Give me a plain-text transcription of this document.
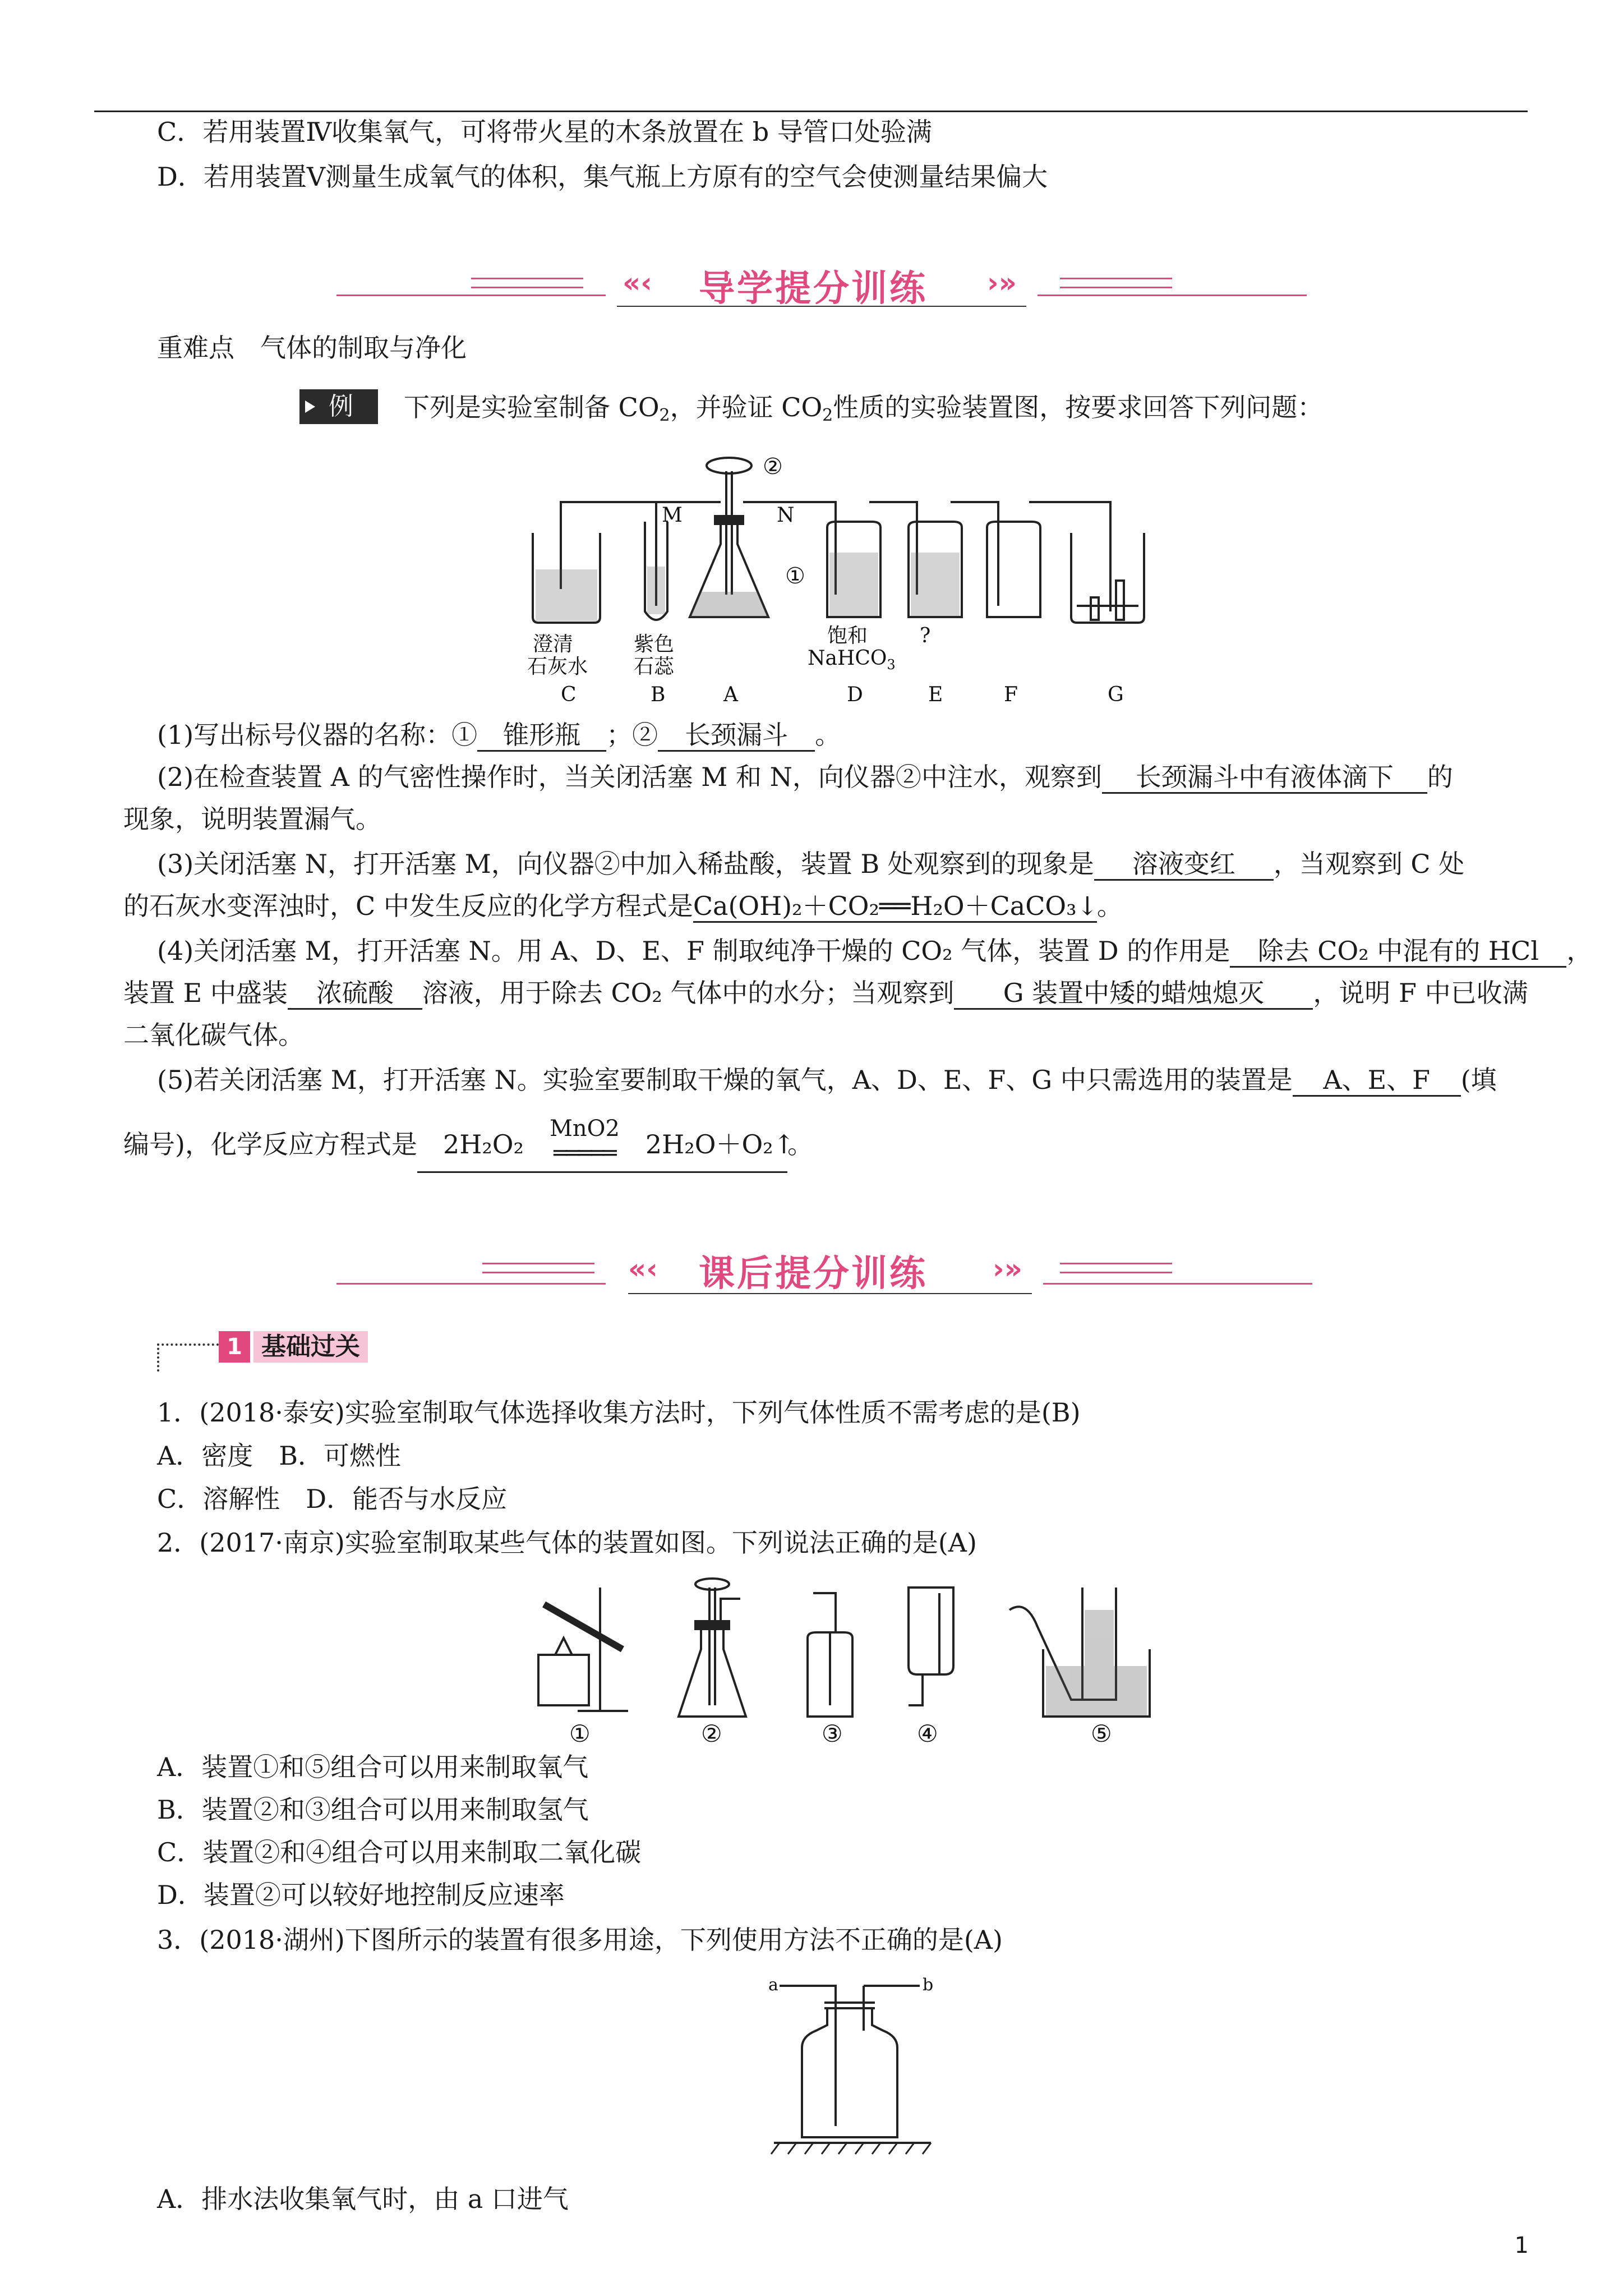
C．若用装置Ⅳ收集氧气，可将带火星的木条放置在 b 导管口处验满
D．若用装置Ⅴ测量生成氧气的体积，集气瓶上方原有的空气会使测量结果偏大
«‹	›»
导学提分训练
重难点　 气体的制取与净化
例 下列是实验室制备 $CO_2$，并验证 $CO_2$性质的实验装置图，按要求回答下列问题：
M	N
①
②
澄清
石灰水
紫色
石蕊
饱和
NaHCO$_3$
?
C	B	A	D	E	F	G
(1)写出标号仪器的名称：① 锥形瓶 ；② 长颈漏斗 。
(2)在检查装置 A 的气密性操作时，当关闭活塞 M 和 N，向仪器②中注水，观察到 长颈漏斗中有液体滴下 的
现象，说明装置漏气。
(3)关闭活塞 N，打开活塞 M，向仪器②中加入稀盐酸，装置 B 处观察到的现象是 溶液变红 ，当观察到 C 处
的石灰水变浑浊时，C 中发生反应的化学方程式是Ca(OH)₂＋CO₂══H₂O＋CaCO₃↓。
(4)关闭活塞 M，打开活塞 N。用 A、D、E、F 制取纯净干燥的 CO₂ 气体，装置 D 的作用是 除去 CO₂ 中混有的 HCl ，
装置 E 中盛装 浓硫酸 溶液，用于除去 CO₂ 气体中的水分；当观察到 G 装置中矮的蜡烛熄灭 ，说明 F 中已收满
二氧化碳气体。
(5)若关闭活塞 M，打开活塞 N。实验室要制取干燥的氧气，A、D、E、F、G 中只需选用的装置是 A、E、F (填
编号)，化学反应方程式是　 2H₂O₂　
MnO2
═════
　 2H₂O＋O₂↑。
«‹	›»
课后提分训练
1 基础过关
1．(2018·泰安)实验室制取气体选择收集方法时，下列气体性质不需考虑的是(B)
A．密度　B．可燃性
C．溶解性　D．能否与水反应
2．(2017·南京)实验室制取某些气体的装置如图。下列说法正确的是(A)
①	②	③	④	⑤
A．装置①和⑤组合可以用来制取氧气
B．装置②和③组合可以用来制取氢气
C．装置②和④组合可以用来制取二氧化碳
D．装置②可以较好地控制反应速率
3．(2018·湖州)下图所示的装置有很多用途，下列使用方法不正确的是(A)
a	b
A．排水法收集氧气时，由 a 口进气
1
